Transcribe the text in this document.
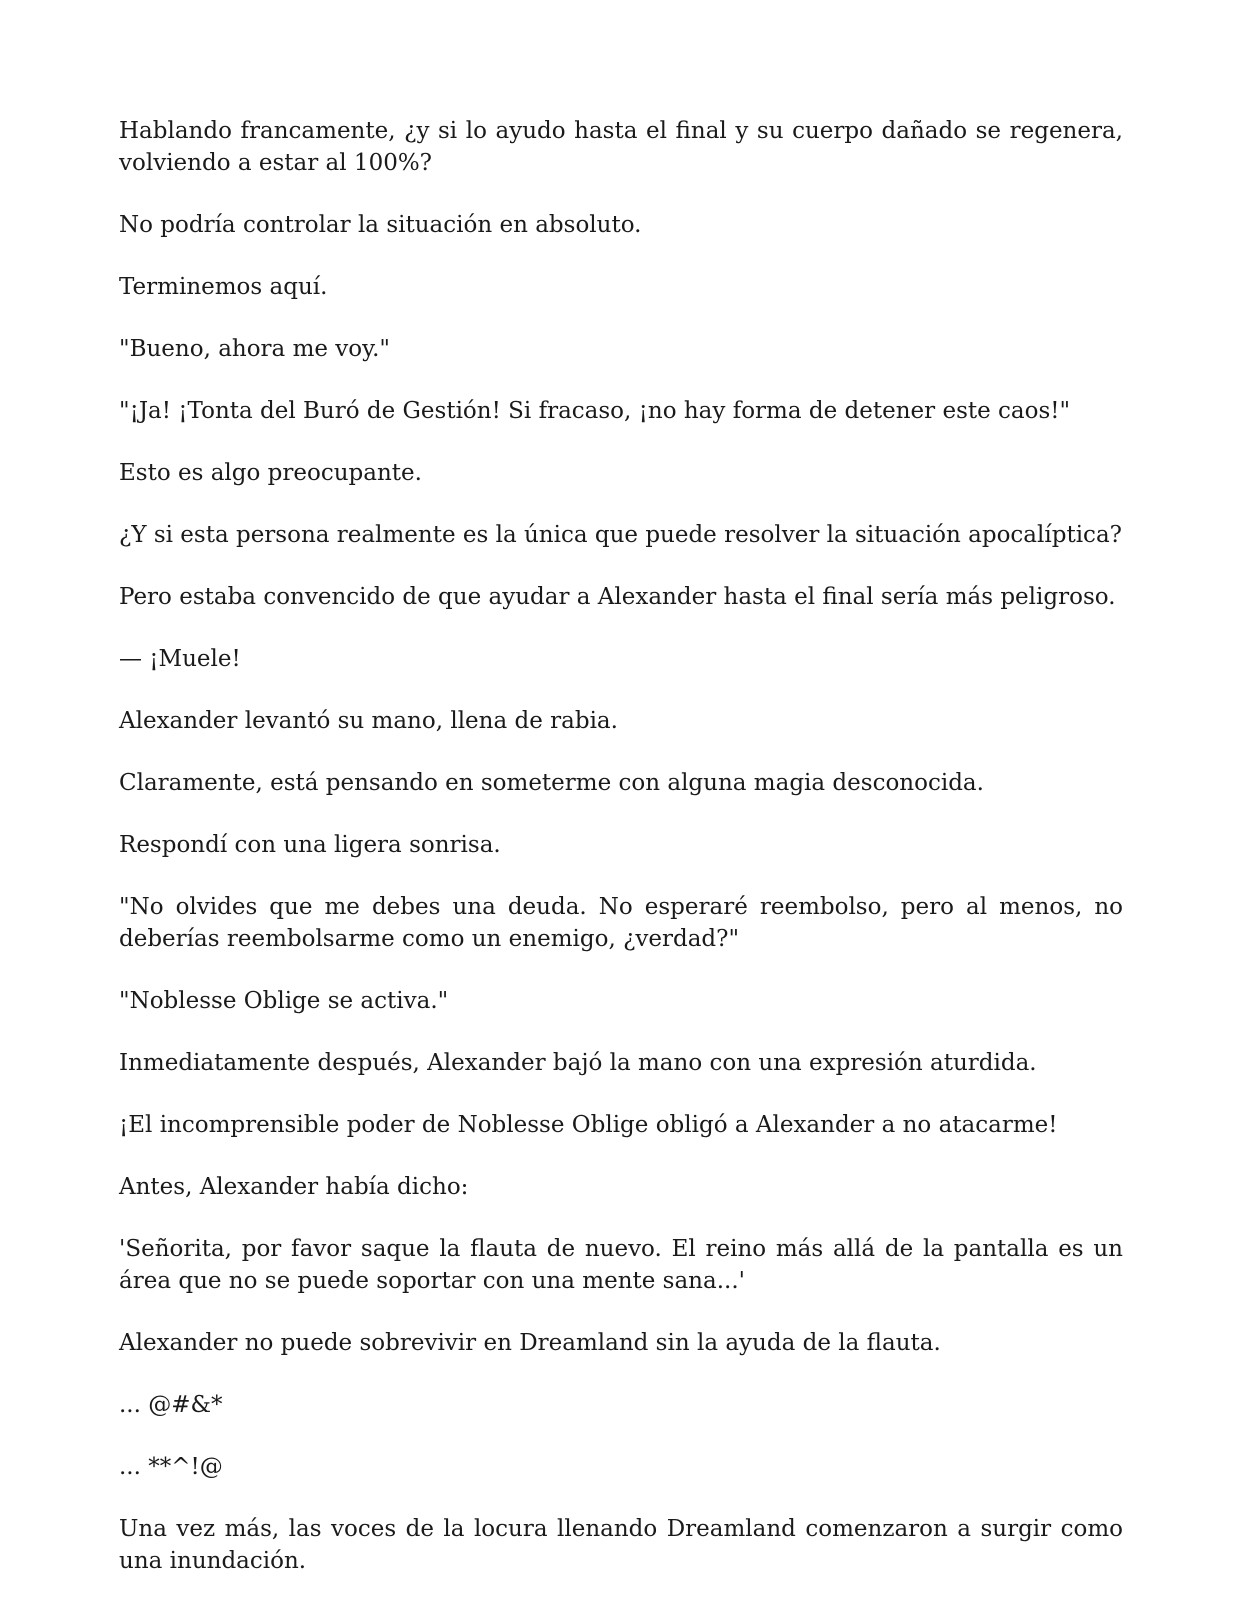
Hablando francamente, ¿y si lo ayudo hasta el final y su cuerpo dañado se regenera, volviendo a estar al 100%?

No podría controlar la situación en absoluto.

Terminemos aquí.

"Bueno, ahora me voy."

"¡Ja! ¡Tonta del Buró de Gestión! Si fracaso, ¡no hay forma de detener este caos!"

Esto es algo preocupante.

¿Y si esta persona realmente es la única que puede resolver la situación apocalíptica?

Pero estaba convencido de que ayudar a Alexander hasta el final sería más peligroso.

— ¡Muele!

Alexander levantó su mano, llena de rabia.

Claramente, está pensando en someterme con alguna magia desconocida.

Respondí con una ligera sonrisa.

"No olvides que me debes una deuda. No esperaré reembolso, pero al menos, no deberías reembolsarme como un enemigo, ¿verdad?"

"Noblesse Oblige se activa."

Inmediatamente después, Alexander bajó la mano con una expresión aturdida.

¡El incomprensible poder de Noblesse Oblige obligó a Alexander a no atacarme!

Antes, Alexander había dicho:

'Señorita, por favor saque la flauta de nuevo. El reino más allá de la pantalla es un área que no se puede soportar con una mente sana...'

Alexander no puede sobrevivir en Dreamland sin la ayuda de la flauta.

... @#&*

... **^!@

Una vez más, las voces de la locura llenando Dreamland comenzaron a surgir como una inundación.
